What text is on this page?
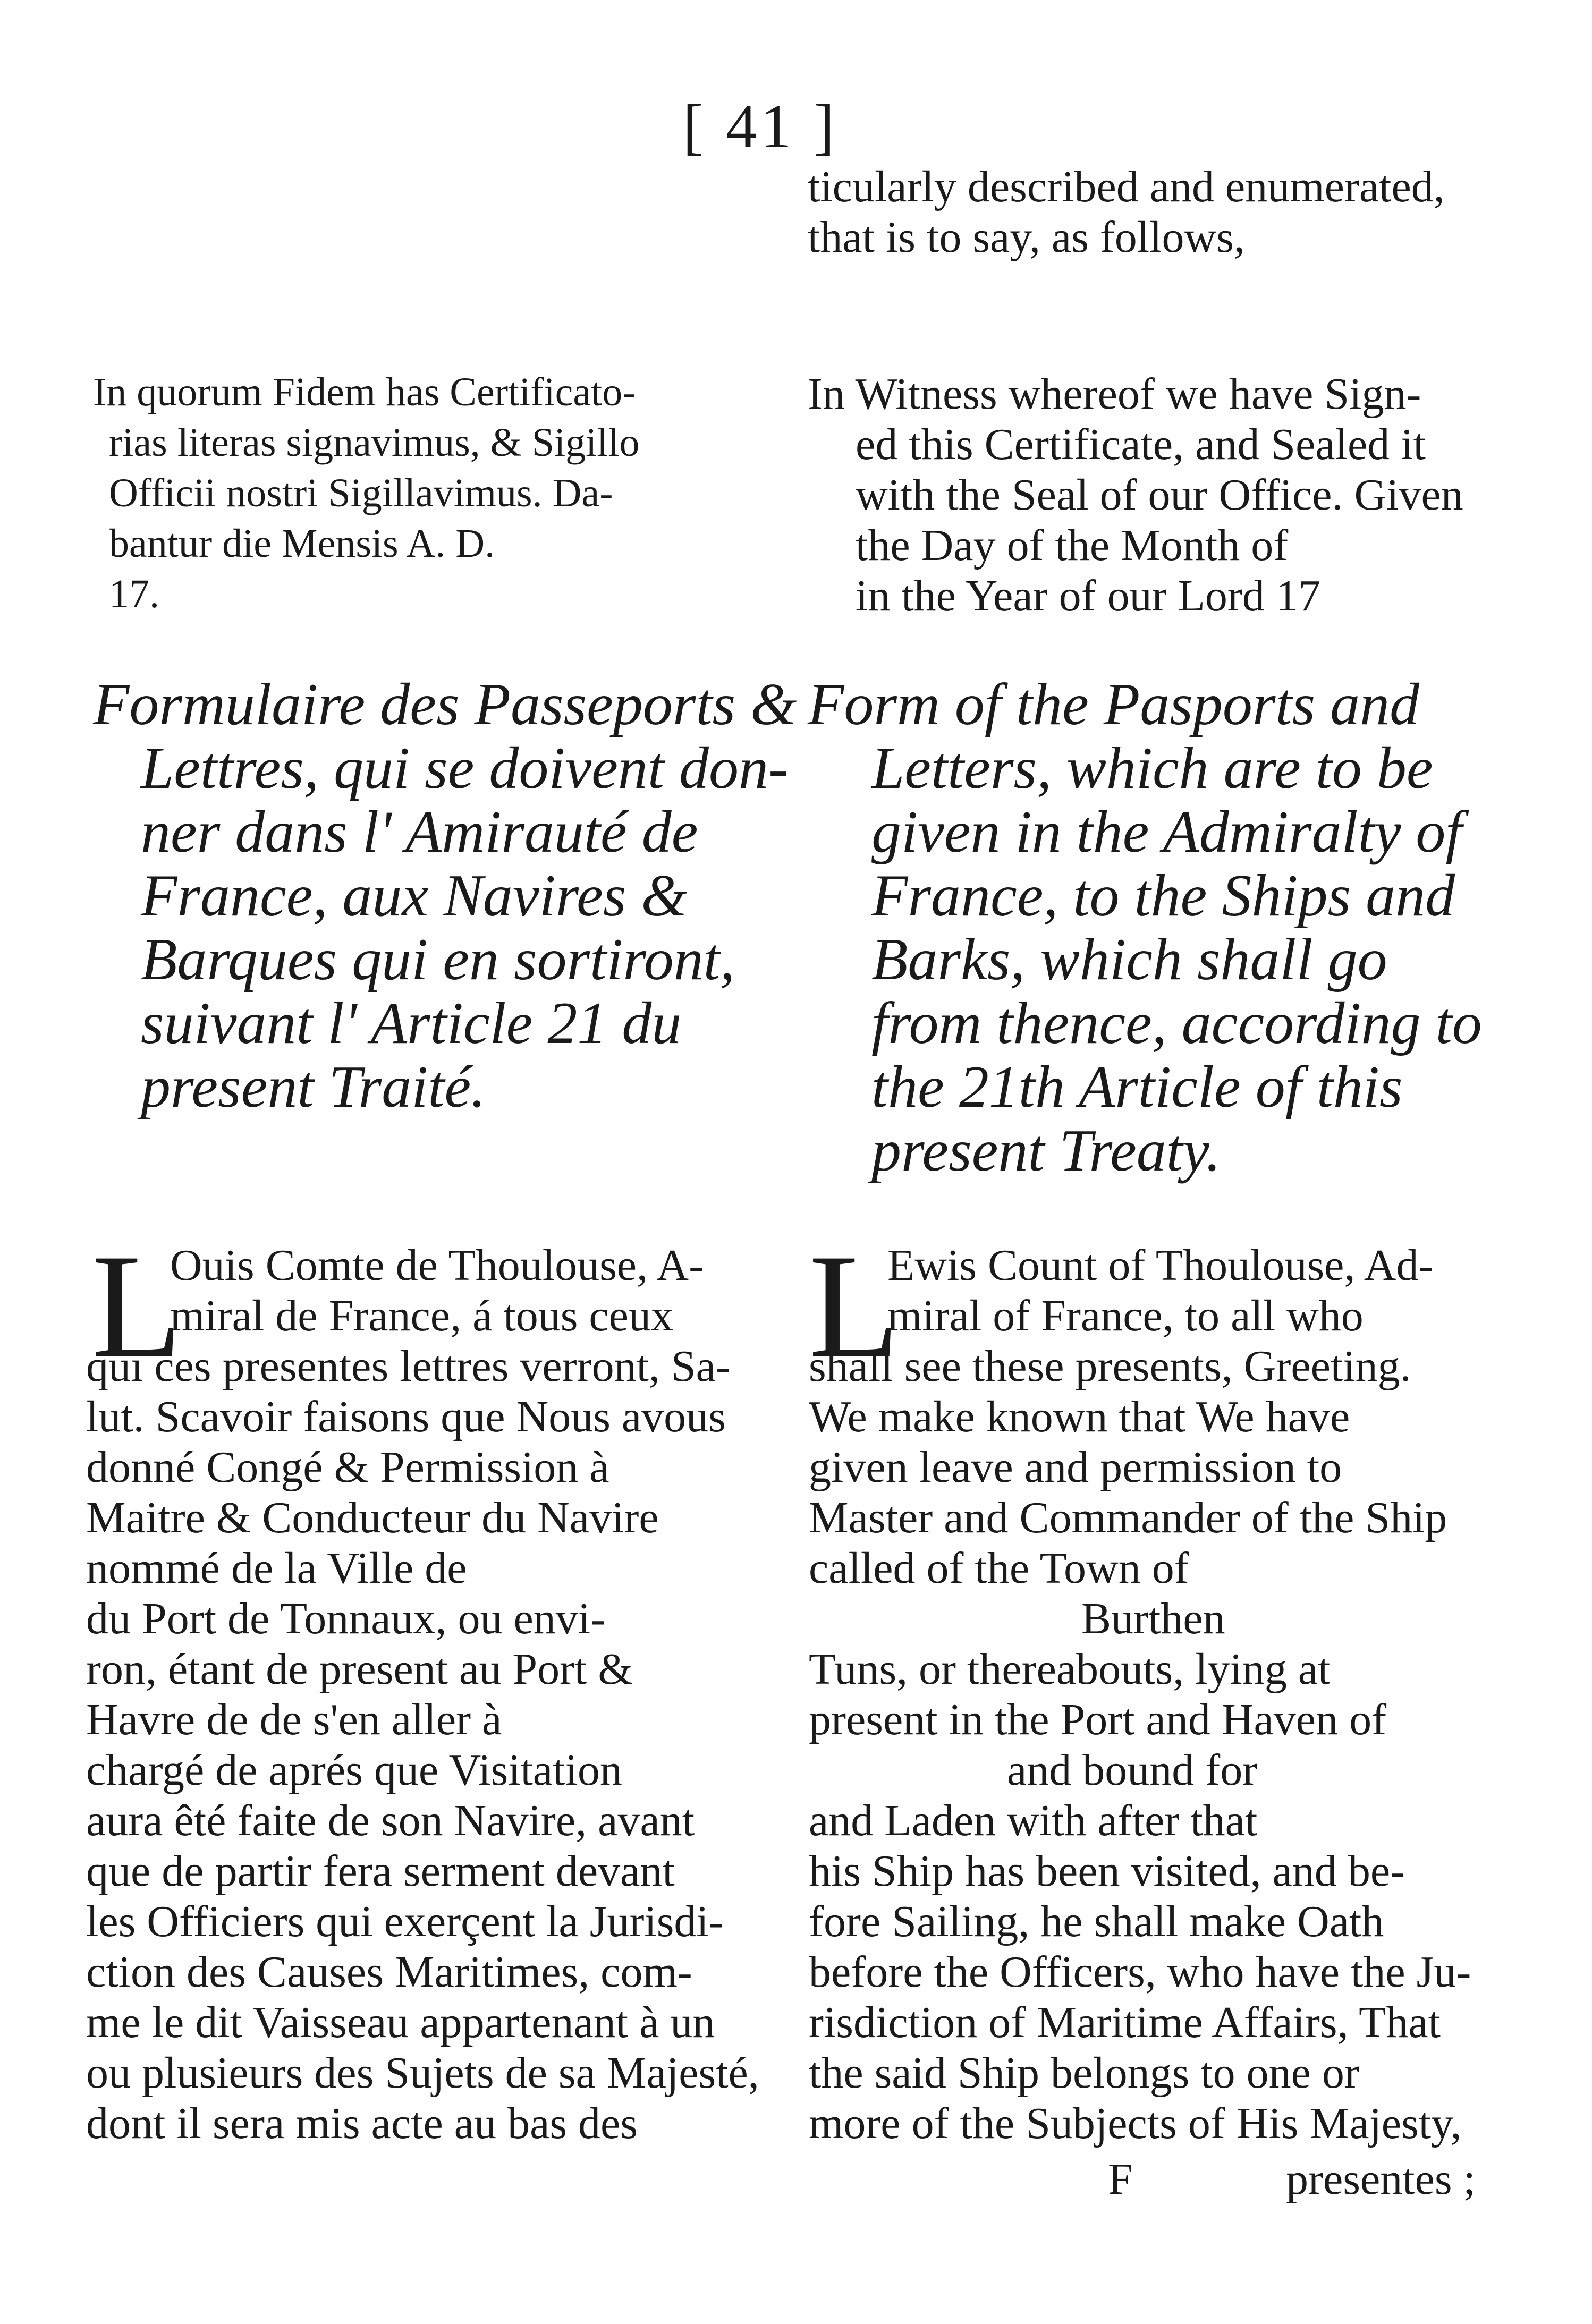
[ 41 ]
ticularly described and enumerated,
that is to say, as follows,
In quorum Fidem has Certificato-
rias literas signavimus, & Sigillo
Officii nostri Sigillavimus. Da-
bantur die Mensis A. D.
17.
In Witness whereof we have Sign-
ed this Certificate, and Sealed it
with the Seal of our Office. Given
the Day of the Month of
in the Year of our Lord 17
Formulaire des Passeports &
Lettres, qui se doivent don-
ner dans l' Amirauté de
France, aux Navires &
Barques qui en sortiront,
suivant l' Article 21 du
present Traité.
Form of the Pasports and
Letters, which are to be
given in the Admiralty of
France, to the Ships and
Barks, which shall go
from thence, according to
the 21th Article of this
present Treaty.
L
Ouis Comte de Thoulouse, A-
miral de France, á tous ceux
qui ces presentes lettres verront, Sa-
lut. Scavoir faisons que Nous avous
donné Congé & Permission à
Maitre & Conducteur du Navire
nommé de la Ville de
du Port de Tonnaux, ou envi-
ron, étant de present au Port &
Havre de de s'en aller à
chargé de aprés que Visitation
aura êté faite de son Navire, avant
que de partir fera serment devant
les Officiers qui exerçent la Jurisdi-
ction des Causes Maritimes, com-
me le dit Vaisseau appartenant à un
ou plusieurs des Sujets de sa Majesté,
dont il sera mis acte au bas des
L
Ewis Count of Thoulouse, Ad-
miral of France, to all who
shall see these presents, Greeting.
We make known that We have
given leave and permission to
Master and Commander of the Ship
called of the Town of
Burthen
Tuns, or thereabouts, lying at
present in the Port and Haven of
and bound for
and Laden with after that
his Ship has been visited, and be-
fore Sailing, he shall make Oath
before the Officers, who have the Ju-
risdiction of Maritime Affairs, That
the said Ship belongs to one or
more of the Subjects of His Majesty,
F	presentes ;
